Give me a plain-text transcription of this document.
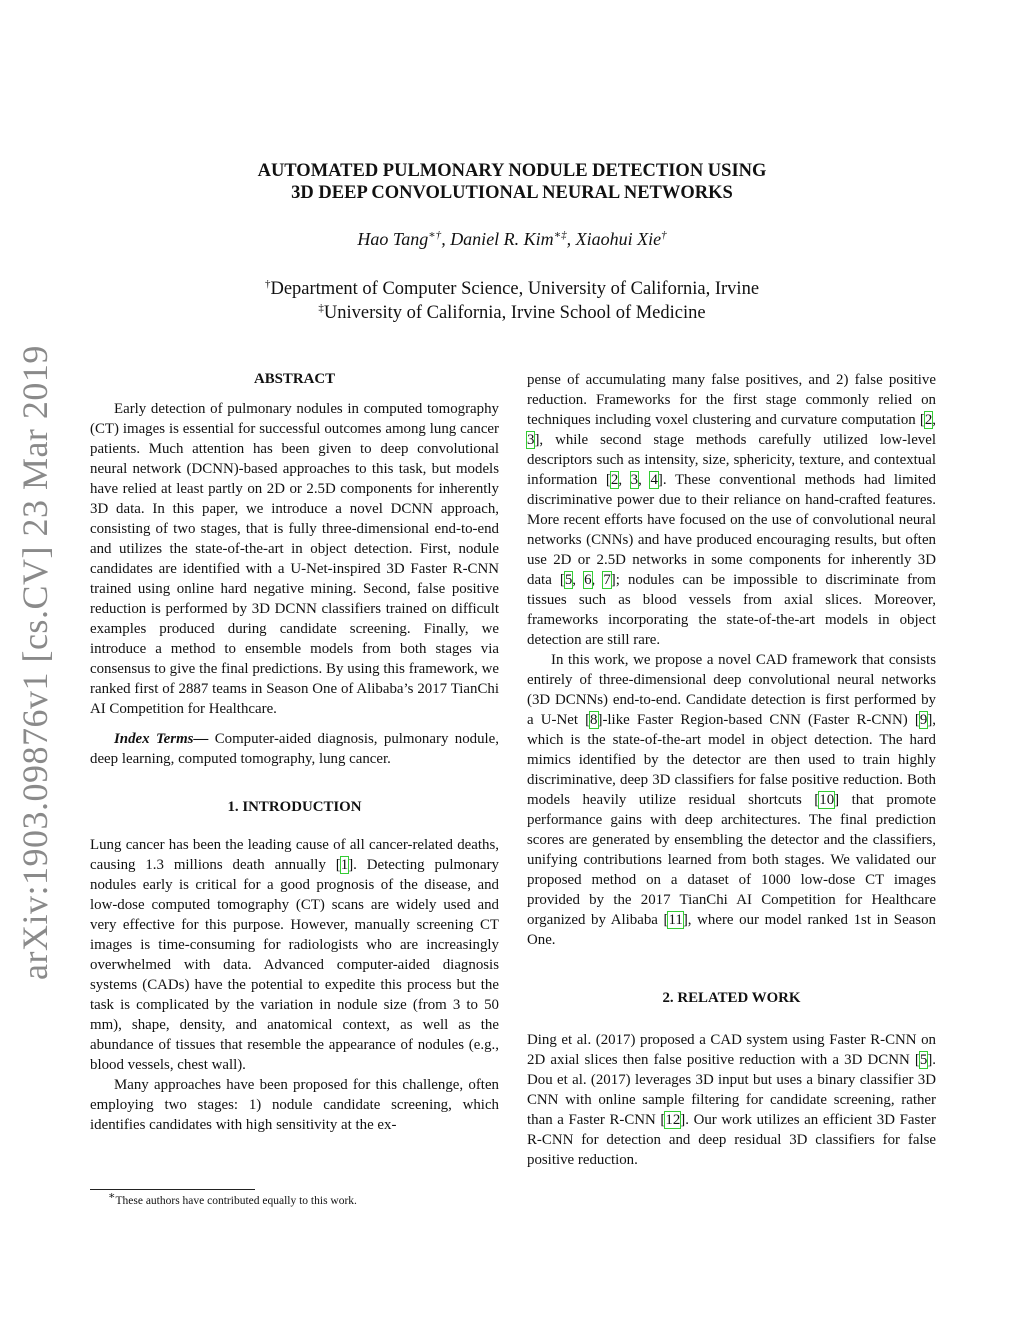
arXiv:1903.09876v1 [cs.CV] 23 Mar 2019
AUTOMATED PULMONARY NODULE DETECTION USING
3D DEEP CONVOLUTIONAL NEURAL NETWORKS
Hao Tang∗†, Daniel R. Kim∗‡, Xiaohui Xie†
†Department of Computer Science, University of California, Irvine
‡University of California, Irvine School of Medicine
ABSTRACT

Early detection of pulmonary nodules in computed tomography (CT) images is essential for successful outcomes among lung cancer patients. Much attention has been given to deep convolutional neural network (DCNN)-based approaches to this task, but models have relied at least partly on 2D or 2.5D components for inherently 3D data. In this paper, we introduce a novel DCNN approach, consisting of two stages, that is fully three-dimensional end-to-end and utilizes the state-of-the-art in object detection. First, nodule candidates are identified with a U-Net-inspired 3D Faster R-CNN trained using online hard negative mining. Second, false positive reduction is performed by 3D DCNN classifiers trained on difficult examples produced during candidate screening. Finally, we introduce a method to ensemble models from both stages via consensus to give the final predictions. By using this framework, we ranked first of 2887 teams in Season One of Alibaba’s 2017 TianChi AI Competition for Healthcare.

Index Terms— Computer-aided diagnosis, pulmonary nodule, deep learning, computed tomography, lung cancer.

1. INTRODUCTION

Lung cancer has been the leading cause of all cancer-related deaths, causing 1.3 millions death annually [1]. Detecting pulmonary nodules early is critical for a good prognosis of the disease, and low-dose computed tomography (CT) scans are widely used and very effective for this purpose. However, manually screening CT images is time-consuming for radiologists who are increasingly overwhelmed with data. Advanced computer-aided diagnosis systems (CADs) have the potential to expedite this process but the task is complicated by the variation in nodule size (from 3 to 50 mm), shape, density, and anatomical context, as well as the abundance of tissues that resemble the appearance of nodules (e.g., blood vessels, chest wall).

Many approaches have been proposed for this challenge, often employing two stages: 1) nodule candidate screening, which identifies candidates with high sensitivity at the ex-

pense of accumulating many false positives, and 2) false positive reduction. Frameworks for the first stage commonly relied on techniques including voxel clustering and curvature computation [2, 3], while second stage methods carefully utilized low-level descriptors such as intensity, size, sphericity, texture, and contextual information [2, 3, 4]. These conventional methods had limited discriminative power due to their reliance on hand-crafted features. More recent efforts have focused on the use of convolutional neural networks (CNNs) and have produced encouraging results, but often use 2D or 2.5D networks in some components for inherently 3D data [5, 6, 7]; nodules can be impossible to discriminate from tissues such as blood vessels from axial slices. Moreover, frameworks incorporating the state-of-the-art models in object detection are still rare.

In this work, we propose a novel CAD framework that consists entirely of three-dimensional deep convolutional neural networks (3D DCNNs) end-to-end. Candidate detection is first performed by a U-Net [8]-like Faster Region-based CNN (Faster R-CNN) [9], which is the state-of-the-art model in object detection. The hard mimics identified by the detector are then used to train highly discriminative, deep 3D classifiers for false positive reduction. Both models heavily utilize residual shortcuts [10] that promote performance gains with deep architectures. The final prediction scores are generated by ensembling the detector and the classifiers, unifying contributions learned from both stages. We validated our proposed method on a dataset of 1000 low-dose CT images provided by the 2017 TianChi AI Competition for Healthcare organized by Alibaba [11], where our model ranked 1st in Season One.

2. RELATED WORK

Ding et al. (2017) proposed a CAD system using Faster R-CNN on 2D axial slices then false positive reduction with a 3D DCNN [5]. Dou et al. (2017) leverages 3D input but uses a binary classifier 3D CNN with online sample filtering for candidate screening, rather than a Faster R-CNN [12]. Our work utilizes an efficient 3D Faster R-CNN for detection and deep residual 3D classifiers for false positive reduction.

∗These authors have contributed equally to this work.
